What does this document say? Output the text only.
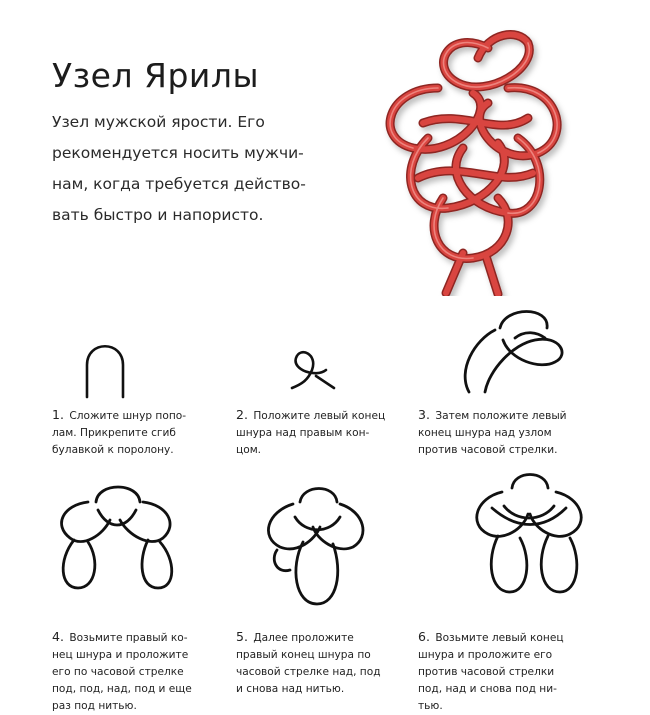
Узел Ярилы
Узел мужской ярости. Его
рекомендуется носить мужчи-
нам, когда требуется действо-
вать быстро и напористо.
1. Сложите шнур попо-
лам. Прикрепите сгиб
булавкой к поролону.
2. Положите левый конец
шнура над правым кон-
цом.
3. Затем положите левый
конец шнура над узлом
против часовой стрелки.
4. Возьмите правый ко-
нец шнура и проложите
его по часовой стрелке
под, под, над, под и еще
раз под нитью.
5. Далее проложите
правый конец шнура по
часовой стрелке над, под
и снова над нитью.
6. Возьмите левый конец
шнура и проложите его
против часовой стрелки
под, над и снова под ни-
тью.
